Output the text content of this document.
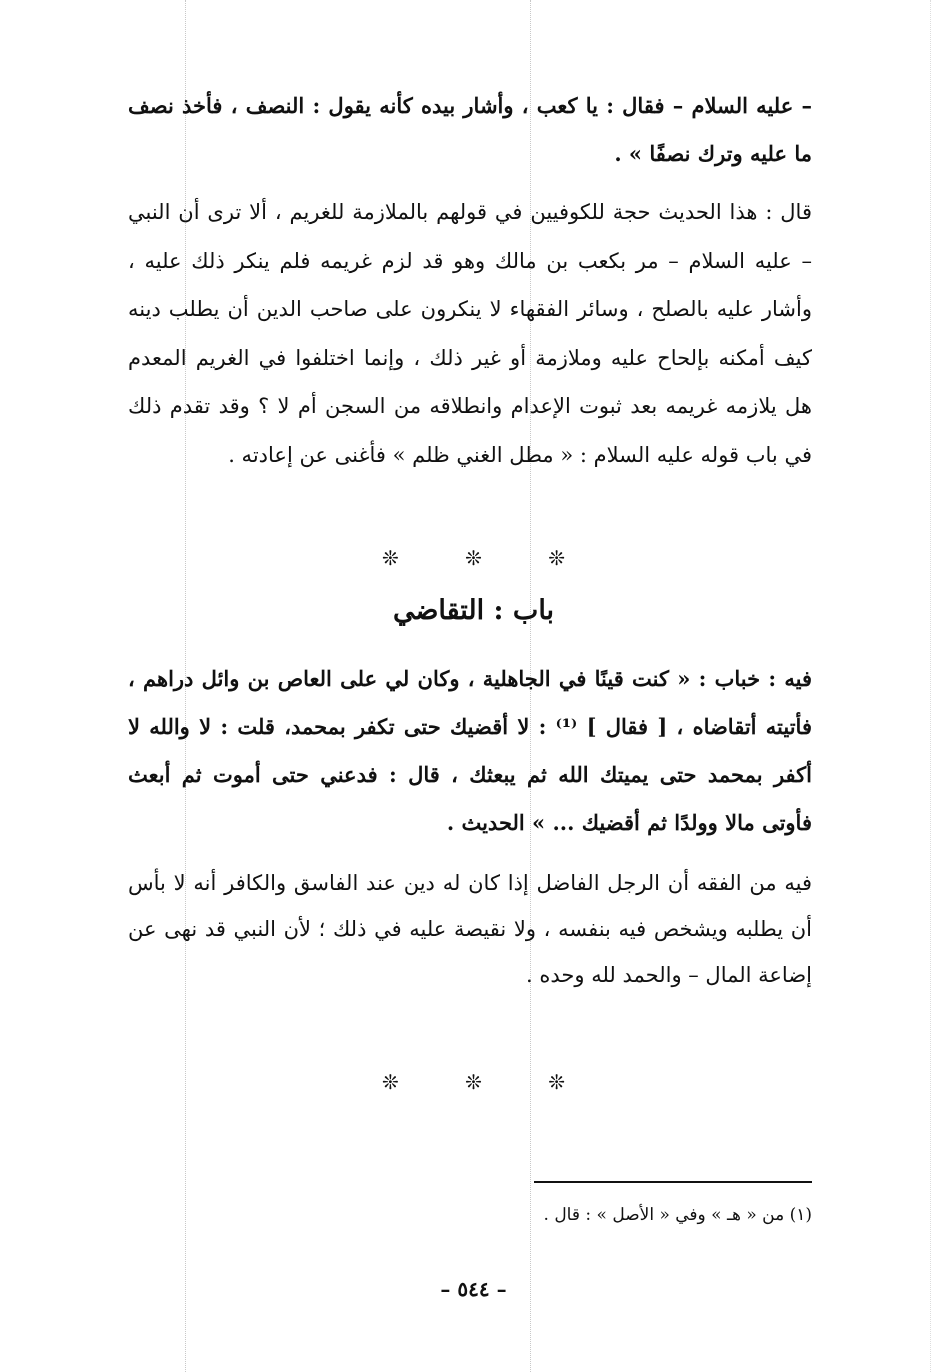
– عليه السلام – فقال : يا كعب ، وأشار بيده كأنه يقول : النصف ، فأخذ نصف ما عليه وترك نصفًا » .
قال : هذا الحديث حجة للكوفيين في قولهم بالملازمة للغريم ، ألا ترى أن النبي – عليه السلام – مر بكعب بن مالك وهو قد لزم غريمه فلم ينكر ذلك عليه ، وأشار عليه بالصلح ، وسائر الفقهاء لا ينكرون على صاحب الدين أن يطلب دينه كيف أمكنه بإلحاح عليه وملازمة أو غير ذلك ، وإنما اختلفوا في الغريم المعدم هل يلازمه غريمه بعد ثبوت الإعدام وانطلاقه من السجن أم لا ؟ وقد تقدم ذلك في باب قوله عليه السلام : « مطل الغني ظلم » فأغنى عن إعادته .
❊	❊	❊
باب : التقاضي
فيه : خباب : « كنت قينًا في الجاهلية ، وكان لي على العاص بن وائل دراهم ، فأتيته أتقاضاه ، [ فقال ] ⁽¹⁾ : لا أقضيك حتى تكفر بمحمد، قلت : لا والله لا أكفر بمحمد حتى يميتك الله ثم يبعثك ، قال : فدعني حتى أموت ثم أبعث فأوتى مالا وولدًا ثم أقضيك ... » الحديث .
فيه من الفقه أن الرجل الفاضل إذا كان له دين عند الفاسق والكافر أنه لا بأس أن يطلبه ويشخص فيه بنفسه ، ولا نقيصة عليه في ذلك ؛ لأن النبي قد نهى عن إضاعة المال – والحمد لله وحده .
❊	❊	❊
(١) من « هـ » وفي « الأصل » : قال .
– ٥٤٤ –
